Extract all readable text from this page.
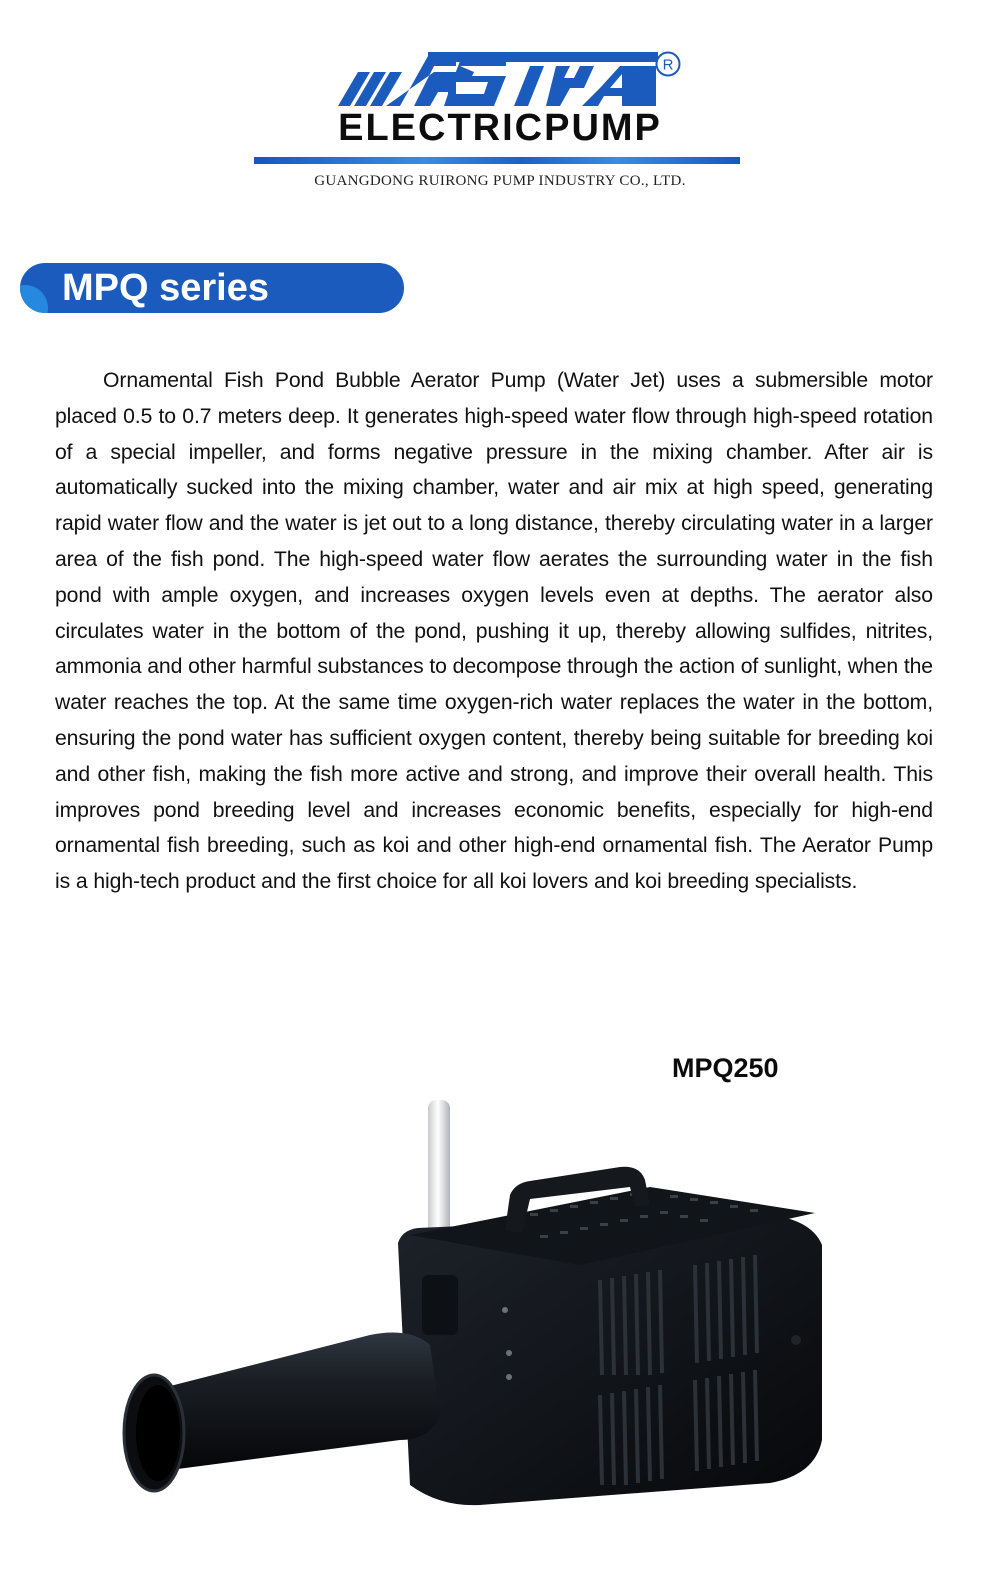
R
ELECTRICPUMP
GUANGDONG RUIRONG PUMP INDUSTRY CO., LTD.
MPQ series

Ornamental Fish Pond Bubble Aerator Pump (Water Jet) uses a submersible motor placed 0.5 to 0.7 meters deep. It generates high-speed water flow through high-speed rotation of a special impeller, and forms negative pressure in the mixing chamber. After air is automatically sucked into the mixing chamber, water and air mix at high speed, generating rapid water flow and the water is jet out to a long distance, thereby circulating water in a larger area of the fish pond. The high-speed water flow aerates the surrounding water in the fish pond with ample oxygen, and increases oxygen levels even at depths. The aerator also circulates water in the bottom of the pond, pushing it up, thereby allowing sulfides, nitrites, ammonia and other harmful substances to decompose through the action of sunlight, when the water reaches the top. At the same time oxygen-rich water replaces the water in the bottom, ensuring the pond water has sufficient oxygen content, thereby being suitable for breeding koi and other fish, making the fish more active and strong, and improve their overall health. This improves pond breeding level and increases economic benefits, especially for high-end ornamental fish breeding, such as koi and other high-end ornamental fish. The Aerator Pump is a high-tech product and the first choice for all koi lovers and koi breeding specialists.

MPQ250
